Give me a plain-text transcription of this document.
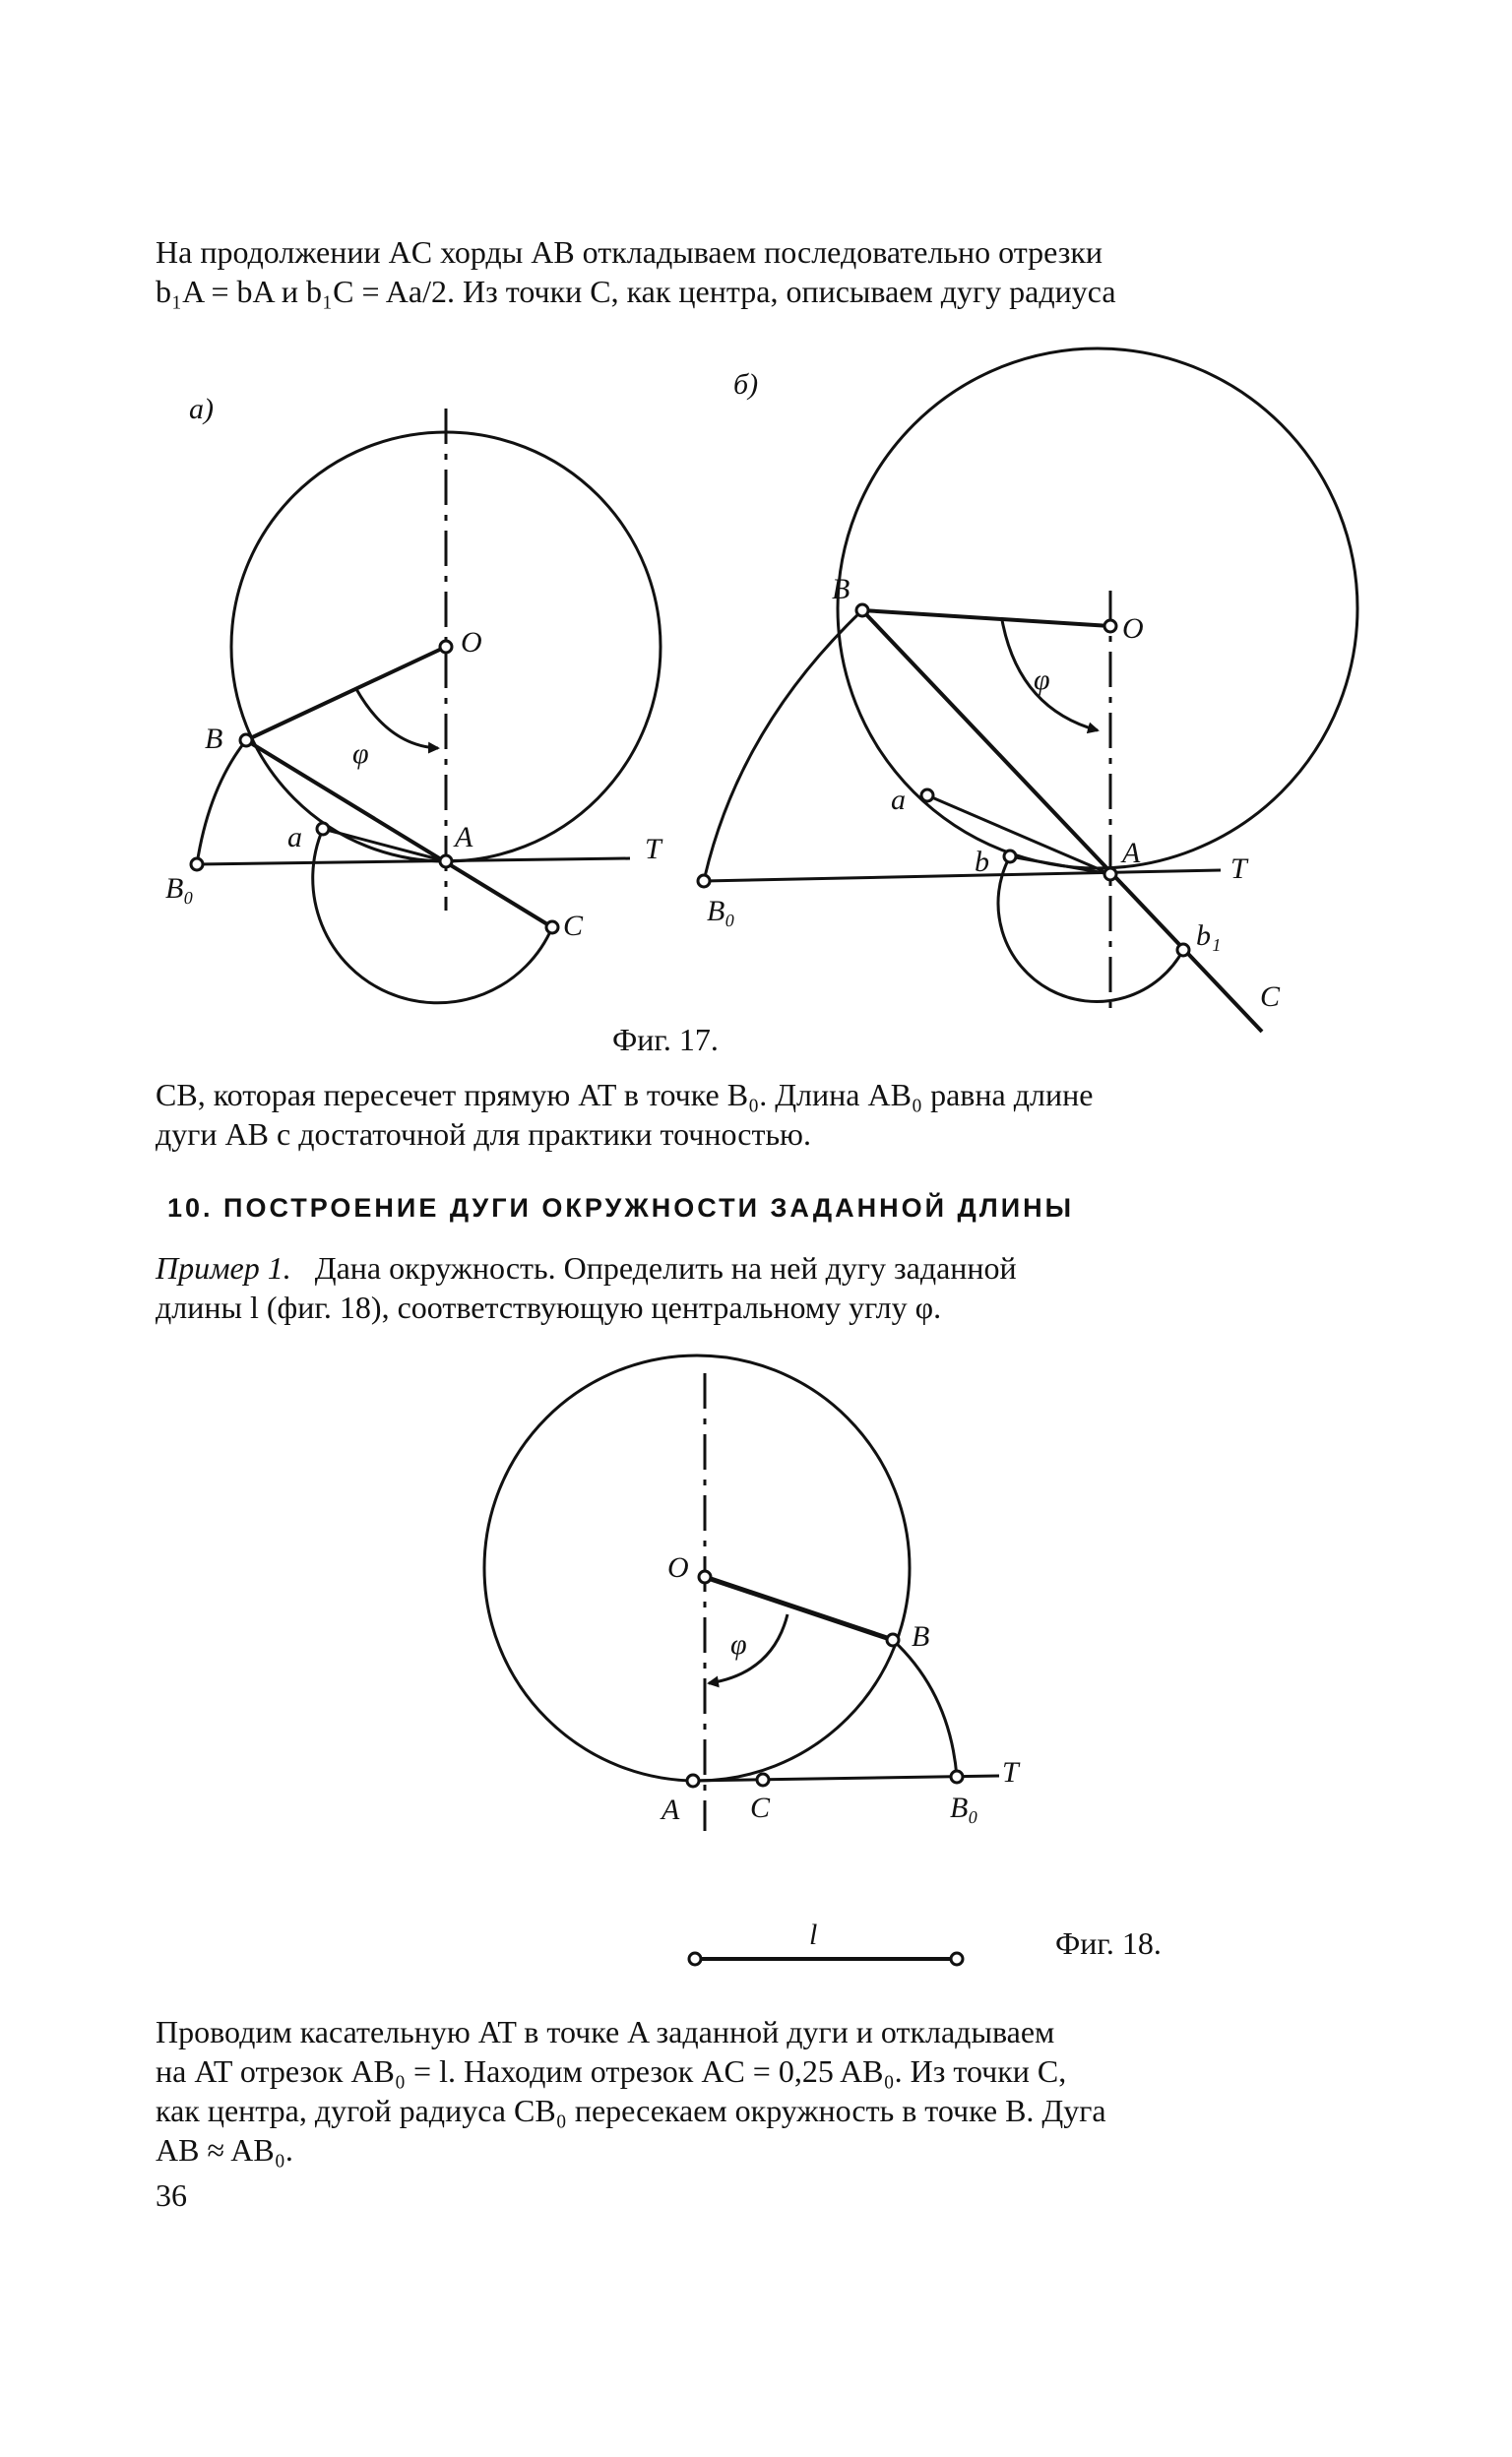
На продолжении AC хорды AB откладываем последовательно отрезки
b₁A = bA и b₁C = Aa/2. Из точки C, как центра, описываем дугу радиуса
а)
O
B
A	T
a
C
B₀
φ
б)
B
O
a
A	T
b
b₁
C
B₀
φ
Фиг. 17.
CB, которая пересечет прямую AT в точке B₀. Длина AB₀ равна длине
дуги AB с достаточной для практики точностью.
10. ПОСТРОЕНИЕ ДУГИ ОКРУЖНОСТИ ЗАДАННОЙ ДЛИНЫ
Пример 1. Дана окружность. Определить на ней дугу заданной
длины l (фиг. 18), соответствующую центральному углу φ.
O
φ	B
A C	B₀
T
l	Фиг. 18.
Проводим касательную AT в точке A заданной дуги и откладываем
на AT отрезок AB₀ = l. Находим отрезок AC = 0,25 AB₀. Из точки C,
как центра, дугой радиуса CB₀ пересекаем окружность в точке B. Дуга
AB ≈ AB₀.
36
